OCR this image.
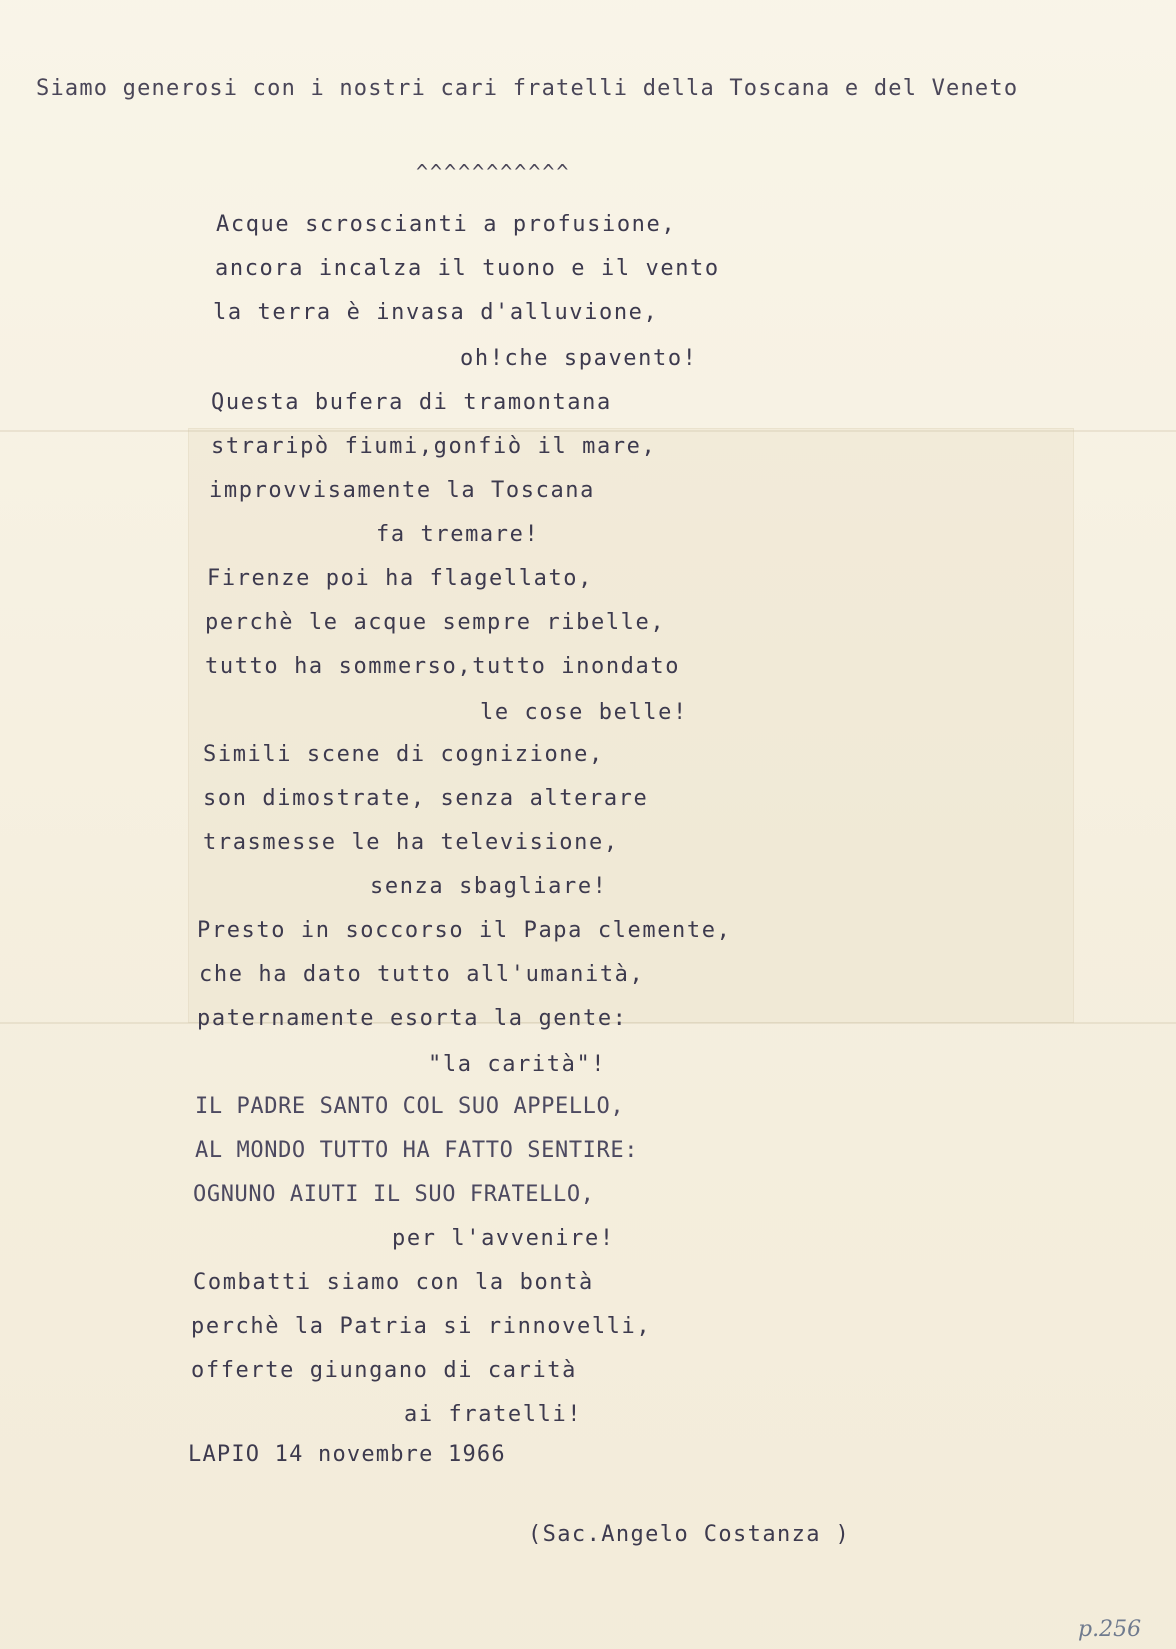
Siamo generosi con i nostri cari fratelli della Toscana e del Veneto
^^^^^^^^^^^
Acque scroscianti a profusione,
ancora incalza il tuono e il vento
la terra è invasa d'alluvione,
oh!che spavento!
Questa bufera di tramontana
straripò fiumi,gonfiò il mare,
improvvisamente la Toscana
fa tremare!
Firenze poi ha flagellato,
perchè le acque sempre ribelle,
tutto ha sommerso,tutto inondato
le cose belle!
Simili scene di cognizione,
son dimostrate, senza alterare
trasmesse le ha televisione,
senza sbagliare!
Presto in soccorso il Papa clemente,
che ha dato tutto all'umanità,
paternamente esorta la gente:
"la carità"!
IL PADRE SANTO COL SUO APPELLO,
AL MONDO TUTTO HA FATTO SENTIRE:
OGNUNO AIUTI IL SUO FRATELLO,
per l'avvenire!
Combatti siamo con la bontà
perchè la Patria si rinnovelli,
offerte giungano di carità
ai fratelli!
LAPIO 14 novembre 1966
(Sac.Angelo Costanza )
p.256
